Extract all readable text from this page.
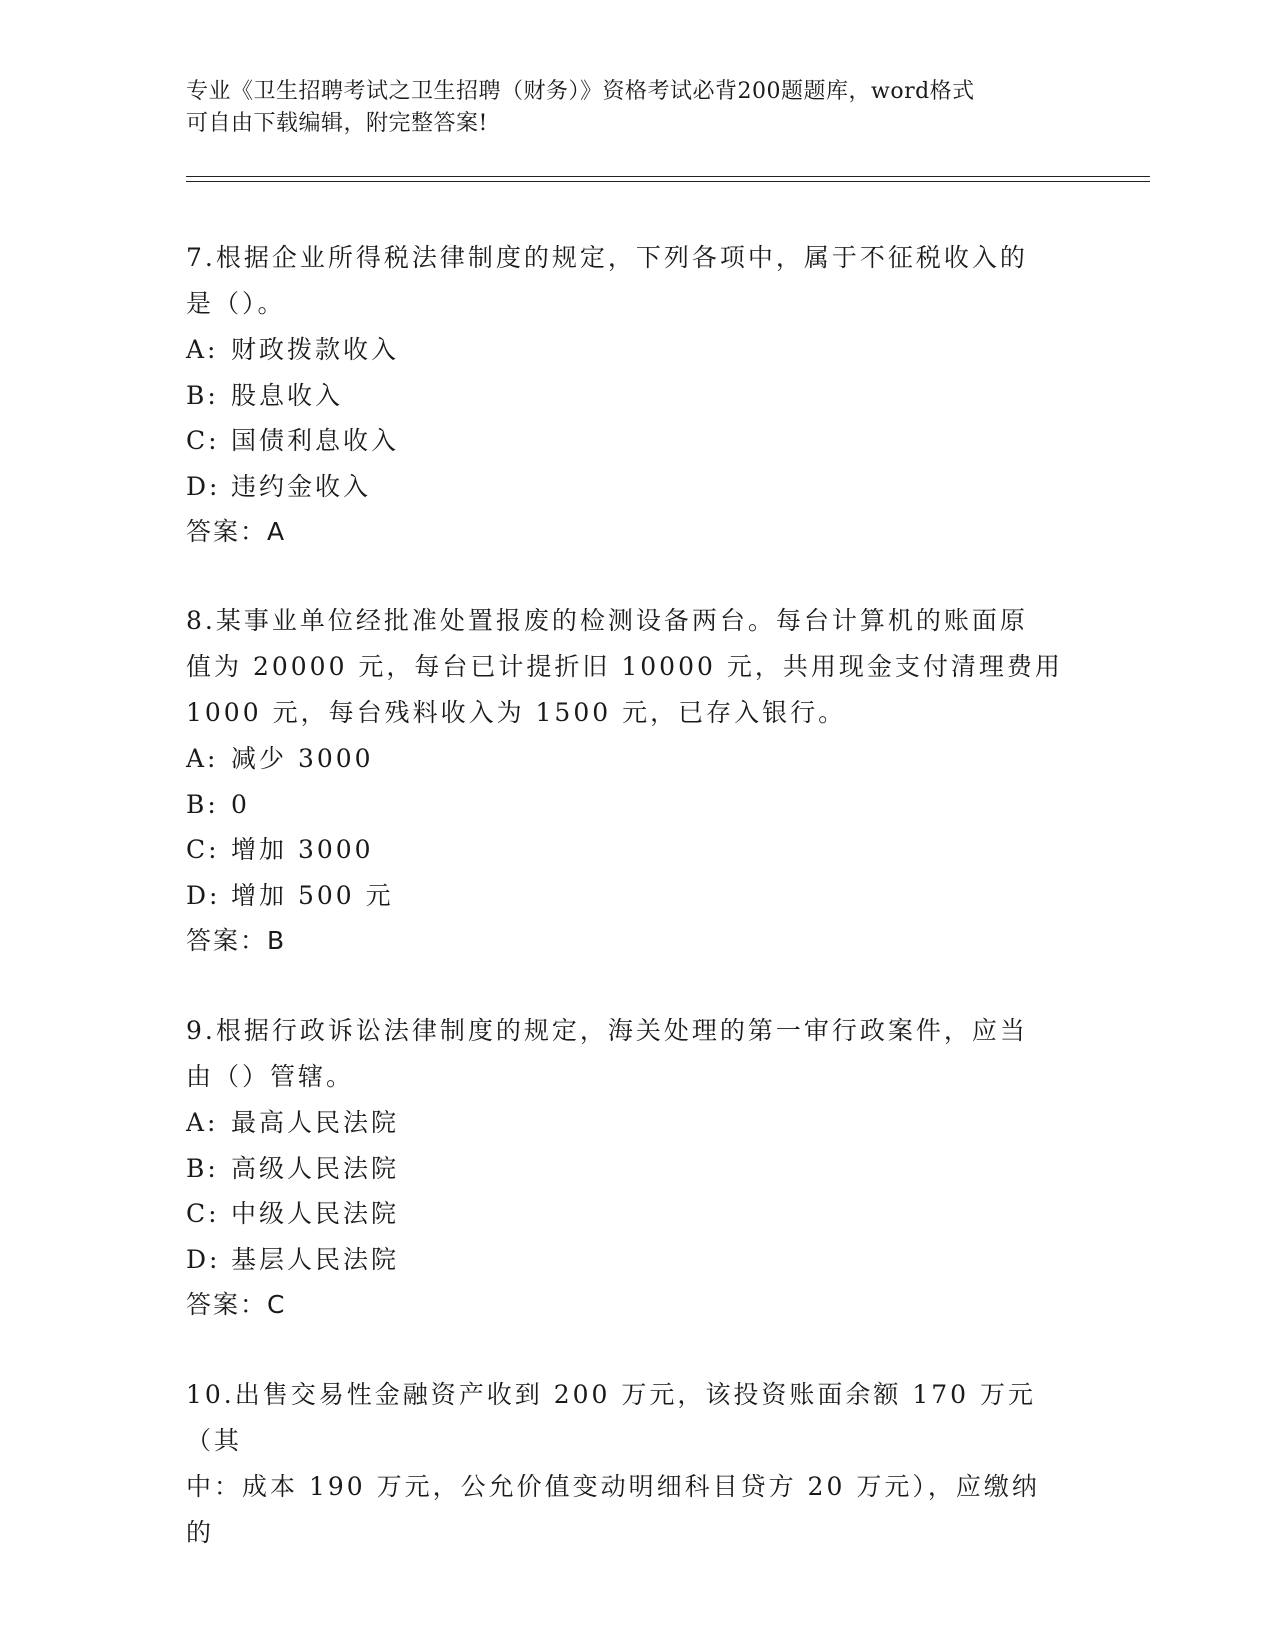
专业《卫生招聘考试之卫生招聘（财务）》资格考试必背200题题库，word格式
可自由下载编辑，附完整答案!

7.根据企业所得税法律制度的规定，下列各项中，属于不征税收入的

是（）。

A: 财政拨款收入

B: 股息收入

C: 国债利息收入

D: 违约金收入

答案：A

8.某事业单位经批准处置报废的检测设备两台。每台计算机的账面原

值为 20000 元，每台已计提折旧 10000 元，共用现金支付清理费用

1000 元，每台残料收入为 1500 元，已存入银行。

A: 减少 3000

B: 0

C: 增加 3000

D: 增加 500 元

答案：B

9.根据行政诉讼法律制度的规定，海关处理的第一审行政案件，应当

由（）管辖。

A: 最高人民法院

B: 高级人民法院

C: 中级人民法院

D: 基层人民法院

答案：C

10.出售交易性金融资产收到 200 万元，该投资账面余额 170 万元（其

中：成本 190 万元，公允价值变动明细科目贷方 20 万元），应缴纳的
